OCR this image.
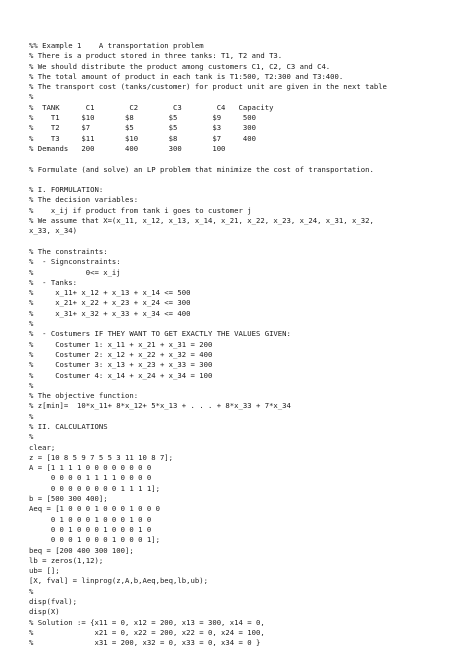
%% Example 1    A transportation problem
% There is a product stored in three tanks: T1, T2 and T3.
% We should distribute the product among customers C1, C2, C3 and C4.
% The total amount of product in each tank is T1:500, T2:300 and T3:400.
% The transport cost (tanks/customer) for product unit are given in the next table
%
%  TANK      C1        C2        C3        C4   Capacity
%    T1     $10       $8        $5        $9     500
%    T2     $7        $5        $5        $3     300
%    T3     $11       $10       $8        $7     400
% Demands   200       400       300       100
% Formulate (and solve) an LP problem that minimize the cost of transportation.
% I. FORMULATION:
% The decision variables:
%    x_ij if product from tank i goes to customer j
% We assume that X=(x_11, x_12, x_13, x_14, x_21, x_22, x_23, x_24, x_31, x_32,
x_33, x_34)
% The constraints:
%  - Signconstraints:
%            0<= x_ij
%  - Tanks:
%     x_11+ x_12 + x_13 + x_14 <= 500
%     x_21+ x_22 + x_23 + x_24 <= 300
%     x_31+ x_32 + x_33 + x_34 <= 400
%
%  - Costumers IF THEY WANT TO GET EXACTLY THE VALUES GIVEN:
%     Costumer 1: x_11 + x_21 + x_31 = 200
%     Costumer 2: x_12 + x_22 + x_32 = 400
%     Costumer 3: x_13 + x_23 + x_33 = 300
%     Costumer 4: x_14 + x_24 + x_34 = 100
%
% The objective function:
% z[min]=  10*x_11+ 8*x_12+ 5*x_13 + . . . + 8*x_33 + 7*x_34
%
% II. CALCULATIONS
%
clear;
z = [10 8 5 9 7 5 5 3 11 10 8 7];
A = [1 1 1 1 0 0 0 0 0 0 0 0
0 0 0 0 1 1 1 1 0 0 0 0
0 0 0 0 0 0 0 0 1 1 1 1];
b = [500 300 400];
Aeq = [1 0 0 0 1 0 0 0 1 0 0 0
0 1 0 0 0 1 0 0 0 1 0 0
0 0 1 0 0 0 1 0 0 0 1 0
0 0 0 1 0 0 0 1 0 0 0 1];
beq = [200 400 300 100];
lb = zeros(1,12);
ub= [];
[X, fval] = linprog(z,A,b,Aeq,beq,lb,ub);
%
disp(fval);
disp(X)
% Solution := {x11 = 0, x12 = 200, x13 = 300, x14 = 0,
%              x21 = 0, x22 = 200, x22 = 0, x24 = 100,
%              x31 = 200, x32 = 0, x33 = 0, x34 = 0 }
